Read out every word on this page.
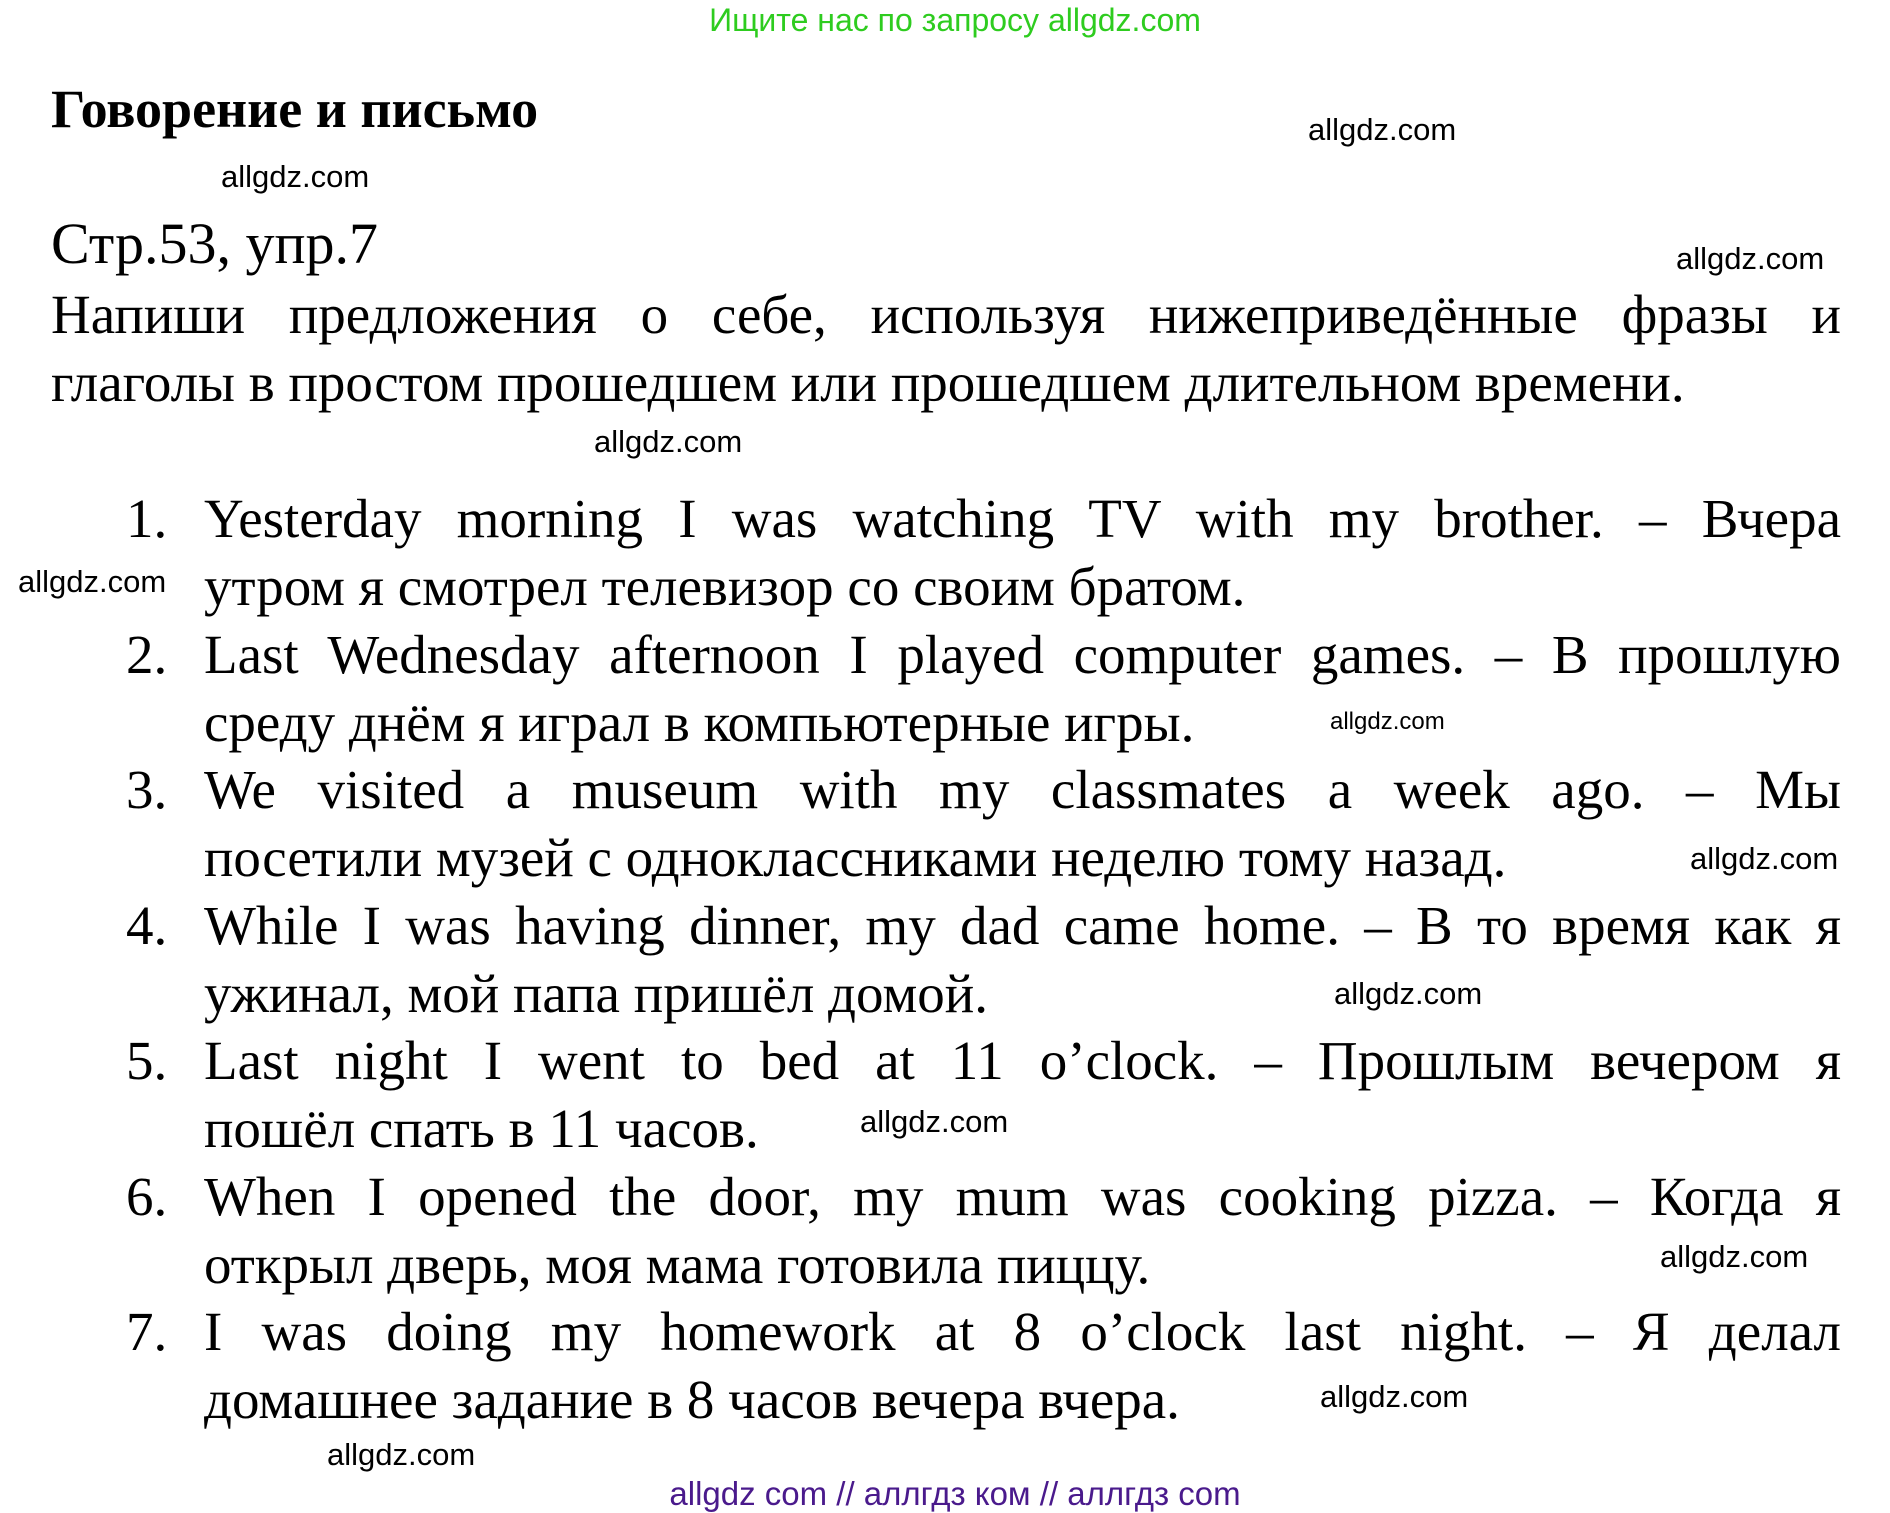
Ищите нас по запросу allgdz.com
Говорение и письмо
Стр.53, упр.7
Напиши предложения о себе, используя нижеприведённые фразы и
глаголы в простом прошедшем или прошедшем длительном времени.
1. Yesterday morning I was watching TV with my brother. – Вчера
утром я смотрел телевизор со своим братом.
2. Last Wednesday afternoon I played computer games. – В прошлую
среду днём я играл в компьютерные игры.
3. We visited a museum with my classmates a week ago. – Мы
посетили музей с одноклассниками неделю тому назад.
4. While I was having dinner, my dad came home. – В то время как я
ужинал, мой папа пришёл домой.
5. Last night I went to bed at 11 o’clock. – Прошлым вечером я
пошёл спать в 11 часов.
6. When I opened the door, my mum was cooking pizza. – Когда я
открыл дверь, моя мама готовила пиццу.
7. I was doing my homework at 8 o’clock last night. – Я делал
домашнее задание в 8 часов вечера вчера.
allgdz.com
allgdz.com
allgdz.com
allgdz.com
allgdz.com
allgdz.com
allgdz.com
allgdz.com
allgdz.com
allgdz.com
allgdz.com
allgdz.com
allgdz com // аллгдз ком // аллгдз com
